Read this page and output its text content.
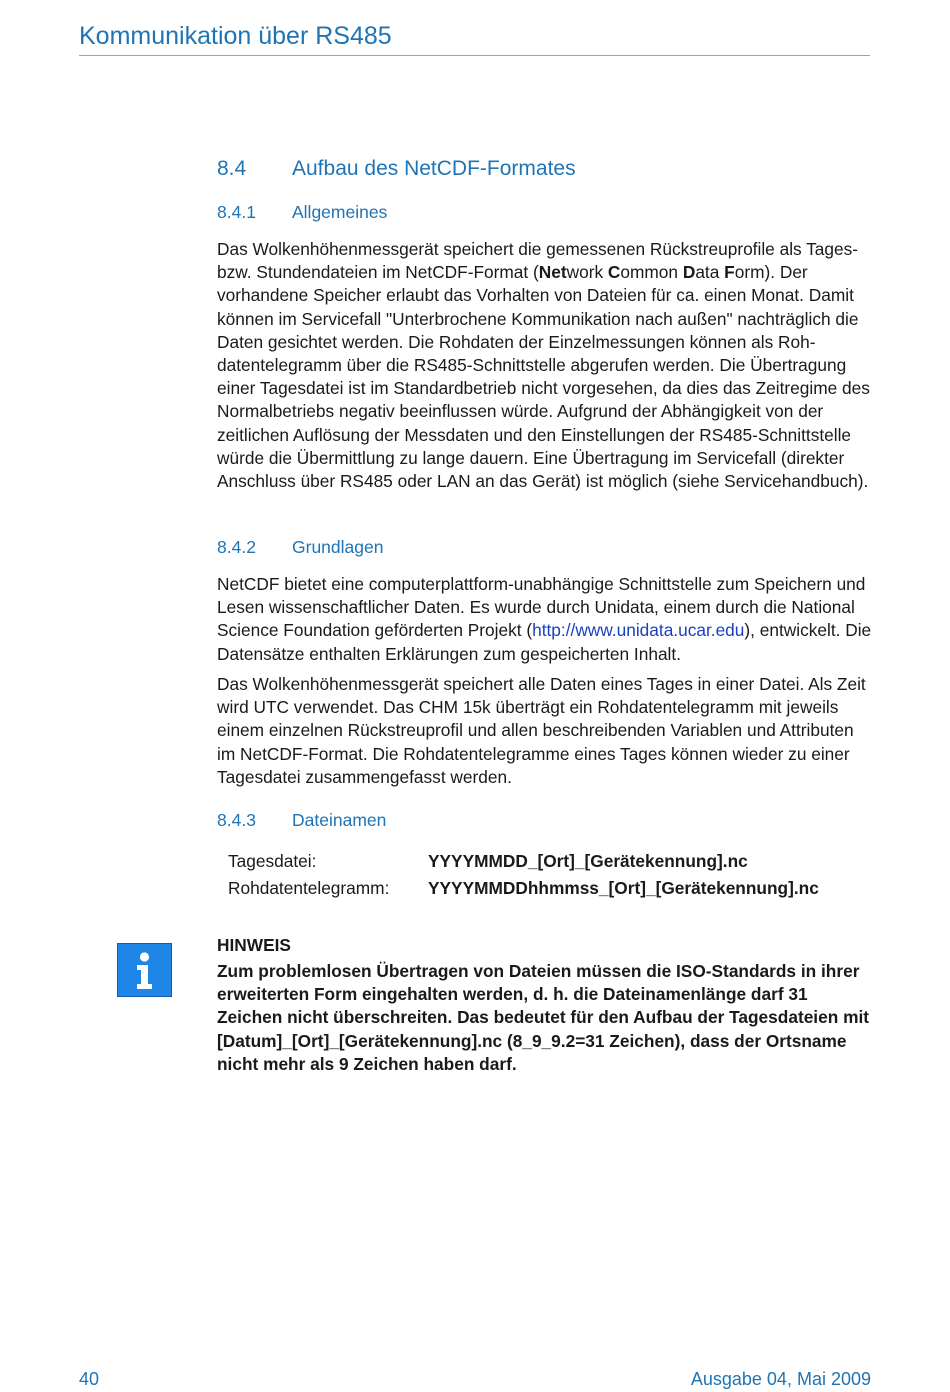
Kommunikation über RS485
8.4 Aufbau des NetCDF-Formates
8.4.1 Allgemeines

Das Wolkenhöhenmessgerät speichert die gemessenen Rückstreuprofile als Tages- bzw. Stundendateien im NetCDF-Format (Network Common Data Form). Der vorhandene Speicher erlaubt das Vorhalten von Dateien für ca. einen Monat. Damit können im Servicefall "Unterbrochene Kommunikation nach außen" nachträglich die Daten gesichtet werden. Die Rohdaten der Einzelmessungen können als Roh-datentelegramm über die RS485-Schnittstelle abgerufen werden. Die Übertragung einer Tagesdatei ist im Standardbetrieb nicht vorgesehen, da dies das Zeitregime des Normalbetriebs negativ beeinflussen würde. Aufgrund der Abhängigkeit von der zeitlichen Auflösung der Messdaten und den Einstellungen der RS485-Schnittstelle würde die Übermittlung zu lange dauern. Eine Übertragung im Servicefall (direkter Anschluss über RS485 oder LAN an das Gerät) ist möglich (siehe Servicehandbuch).

8.4.2 Grundlagen

NetCDF bietet eine computerplattform-unabhängige Schnittstelle zum Speichern und Lesen wissenschaftlicher Daten. Es wurde durch Unidata, einem durch die National Science Foundation geförderten Projekt (http://www.unidata.ucar.edu), entwickelt. Die Datensätze enthalten Erklärungen zum gespeicherten Inhalt.

Das Wolkenhöhenmessgerät speichert alle Daten eines Tages in einer Datei. Als Zeit wird UTC verwendet. Das CHM 15k überträgt ein Rohdatentelegramm mit jeweils einem einzelnen Rückstreuprofil und allen beschreibenden Variablen und Attributen im NetCDF-Format. Die Rohdatentelegramme eines Tages können wieder zu einer Tagesdatei zusammengefasst werden.

8.4.3 Dateinamen
Tagesdatei:	YYYYMMDD_[Ort]_[Gerätekennung].nc
Rohdatentelegramm: YYYYMMDDhhmmss_[Ort]_[Gerätekennung].nc
HINWEIS

Zum problemlosen Übertragen von Dateien müssen die ISO-Standards in ihrer erweiterten Form eingehalten werden, d. h. die Dateinamenlänge darf 31 Zeichen nicht überschreiten. Das bedeutet für den Aufbau der Tagesdateien mit [Datum]_[Ort]_[Gerätekennung].nc (8_9_9.2=31 Zeichen), dass der Ortsname nicht mehr als 9 Zeichen haben darf.

40	Ausgabe 04, Mai 2009
